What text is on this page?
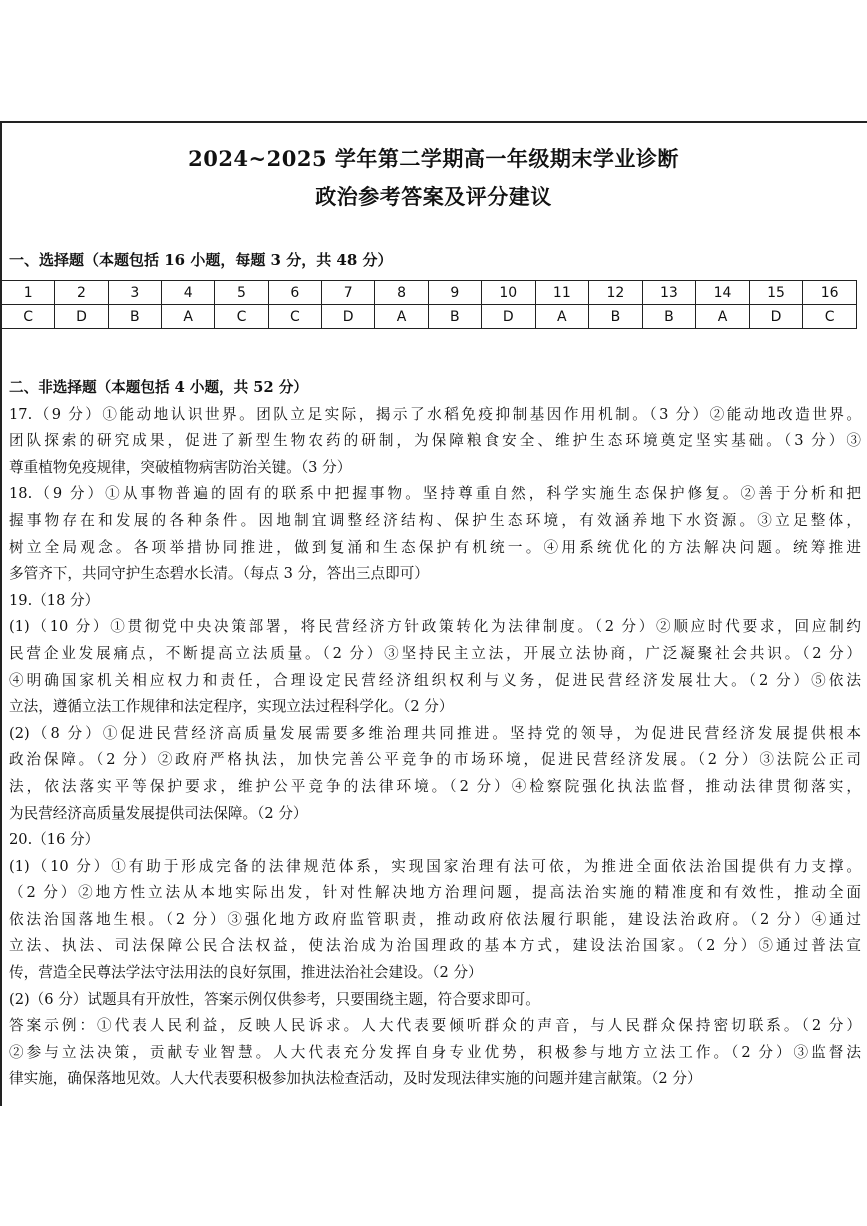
2024~2025 学年第二学期高一年级期末学业诊断
政治参考答案及评分建议
一、选择题（本题包括 16 小题，每题 3 分，共 48 分）
1	2	3	4	5	6	7	8	9	10	11	12	13	14	15	16
C	D	B	A	C	C	D	A	B	D	A	B	B	A	D	C
二、非选择题（本题包括 4 小题，共 52 分）
17.（9 分）①能动地认识世界。团队立足实际，揭示了水稻免疫抑制基因作用机制。（3 分）②能动地改造世界。
团队探索的研究成果，促进了新型生物农药的研制，为保障粮食安全、维护生态环境奠定坚实基础。（3 分）③
尊重植物免疫规律，突破植物病害防治关键。（3 分）
18.（9 分）①从事物普遍的固有的联系中把握事物。坚持尊重自然，科学实施生态保护修复。②善于分析和把
握事物存在和发展的各种条件。因地制宜调整经济结构、保护生态环境，有效涵养地下水资源。③立足整体，
树立全局观念。各项举措协同推进，做到复涌和生态保护有机统一。④用系统优化的方法解决问题。统筹推进
多管齐下，共同守护生态碧水长清。（每点 3 分，答出三点即可）
19.（18 分）
(1)（10 分）①贯彻党中央决策部署，将民营经济方针政策转化为法律制度。（2 分）②顺应时代要求，回应制约
民营企业发展痛点，不断提高立法质量。（2 分）③坚持民主立法，开展立法协商，广泛凝聚社会共识。（2 分）
④明确国家机关相应权力和责任，合理设定民营经济组织权利与义务，促进民营经济发展壮大。（2 分）⑤依法
立法，遵循立法工作规律和法定程序，实现立法过程科学化。（2 分）
(2)（8 分）①促进民营经济高质量发展需要多维治理共同推进。坚持党的领导，为促进民营经济发展提供根本
政治保障。（2 分）②政府严格执法，加快完善公平竞争的市场环境，促进民营经济发展。（2 分）③法院公正司
法，依法落实平等保护要求，维护公平竞争的法律环境。（2 分）④检察院强化执法监督，推动法律贯彻落实，
为民营经济高质量发展提供司法保障。（2 分）
20.（16 分）
(1)（10 分）①有助于形成完备的法律规范体系，实现国家治理有法可依，为推进全面依法治国提供有力支撑。
（2 分）②地方性立法从本地实际出发，针对性解决地方治理问题，提高法治实施的精准度和有效性，推动全面
依法治国落地生根。（2 分）③强化地方政府监管职责，推动政府依法履行职能，建设法治政府。（2 分）④通过
立法、执法、司法保障公民合法权益，使法治成为治国理政的基本方式，建设法治国家。（2 分）⑤通过普法宣
传，营造全民尊法学法守法用法的良好氛围，推进法治社会建设。（2 分）
(2)（6 分）试题具有开放性，答案示例仅供参考，只要围绕主题，符合要求即可。
答案示例：①代表人民利益，反映人民诉求。人大代表要倾听群众的声音，与人民群众保持密切联系。（2 分）
②参与立法决策，贡献专业智慧。人大代表充分发挥自身专业优势，积极参与地方立法工作。（2 分）③监督法
律实施，确保落地见效。人大代表要积极参加执法检查活动，及时发现法律实施的问题并建言献策。（2 分）
